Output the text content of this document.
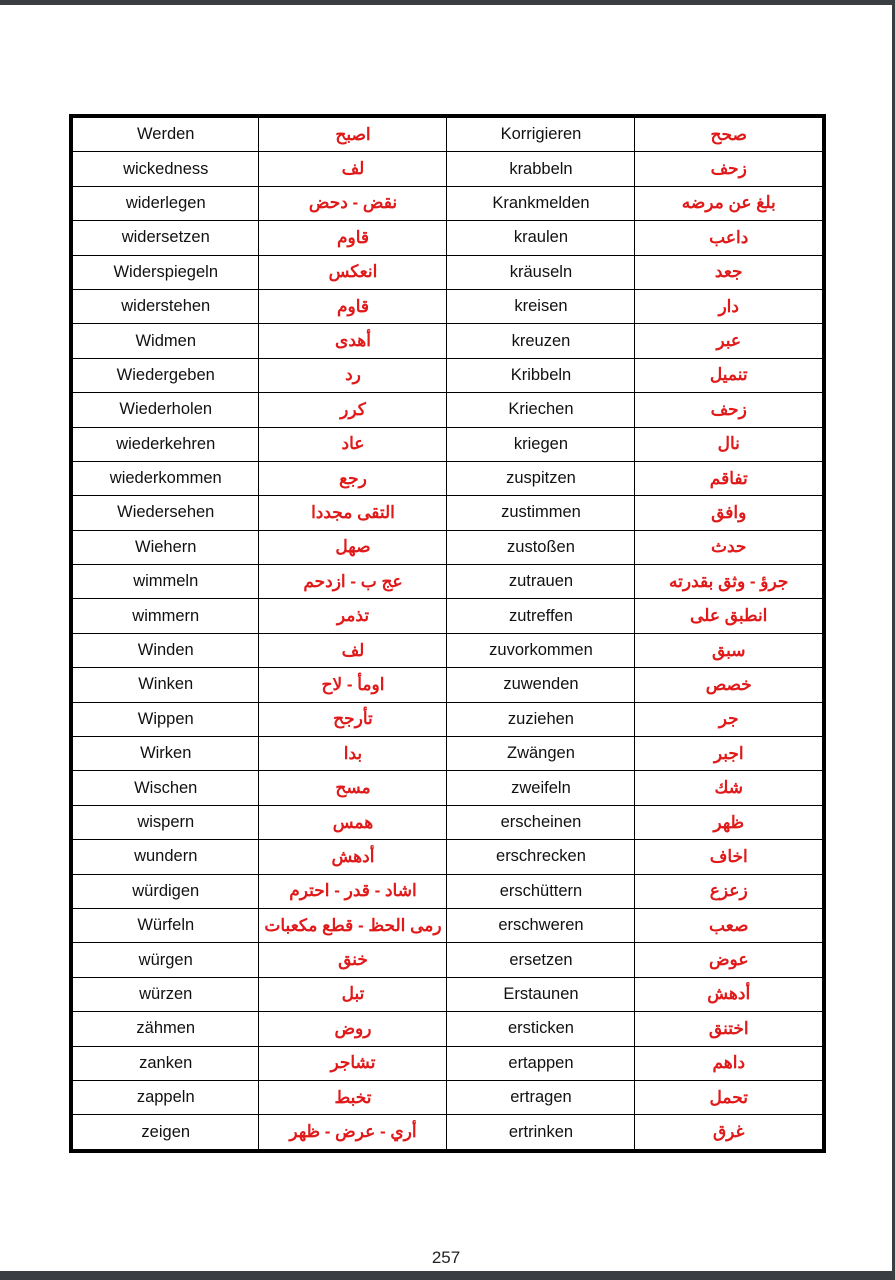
Werden	اصبح	Korrigieren	صحح
wickedness	لف	krabbeln	زحف
widerlegen	نقض - دحض	Krankmelden	بلغ عن مرضه
widersetzen	قاوم	kraulen	داعب
Widerspiegeln	انعكس	kräuseln	جعد
widerstehen	قاوم	kreisen	دار
Widmen	أهدى	kreuzen	عبر
Wiedergeben	رد	Kribbeln	تنميل
Wiederholen	كرر	Kriechen	زحف
wiederkehren	عاد	kriegen	نال
wiederkommen	رجع	zuspitzen	تفاقم
Wiedersehen	التقى مجددا	zustimmen	وافق
Wiehern	صهل	zustoßen	حدث
wimmeln	عج ب - ازدحم	zutrauen	جرؤ - وثق بقدرته
wimmern	تذمر	zutreffen	انطبق على
Winden	لف	zuvorkommen	سبق
Winken	اومأ - لاح	zuwenden	خصص
Wippen	تأرجح	zuziehen	جر
Wirken	بدا	Zwängen	اجبر
Wischen	مسح	zweifeln	شك
wispern	همس	erscheinen	ظهر
wundern	أدهش	erschrecken	اخاف
würdigen	اشاد - قدر - احترم	erschüttern	زعزع
Würfeln	رمى الحظ - قطع مكعبات	erschweren	صعب
würgen	خنق	ersetzen	عوض
würzen	تبل	Erstaunen	أدهش
zähmen	روض	ersticken	اختنق
zanken	تشاجر	ertappen	داهم
zappeln	تخبط	ertragen	تحمل
zeigen	أري - عرض - ظهر	ertrinken	غرق
257
